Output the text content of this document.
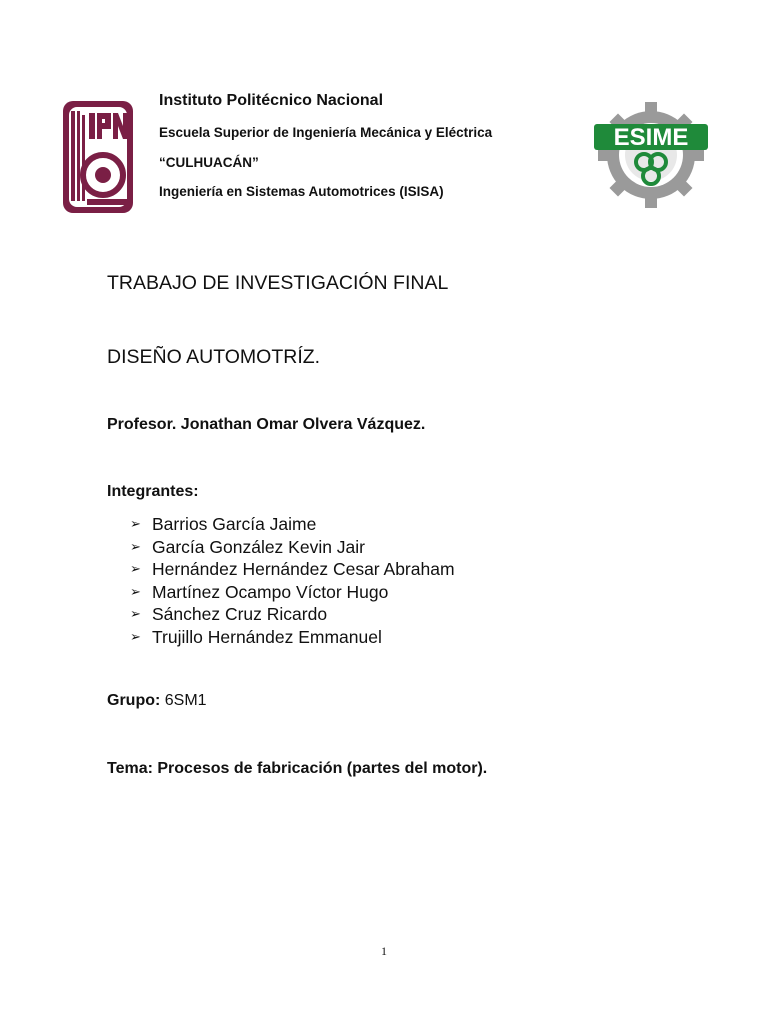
Instituto Politécnico Nacional

Escuela Superior de Ingeniería Mecánica y Eléctrica

“CULHUACÁN”

Ingeniería en Sistemas Automotrices (ISISA)

ESIME

TRABAJO DE INVESTIGACIÓN FINAL

DISEÑO AUTOMOTRÍZ.

Profesor. Jonathan Omar Olvera Vázquez.

Integrantes:

➢ Barrios García Jaime
➢ García González Kevin Jair
➢ Hernández Hernández Cesar Abraham
➢ Martínez Ocampo Víctor Hugo
➢ Sánchez Cruz Ricardo
➢ Trujillo Hernández Emmanuel

Grupo: 6SM1

Tema: Procesos de fabricación (partes del motor).

1
